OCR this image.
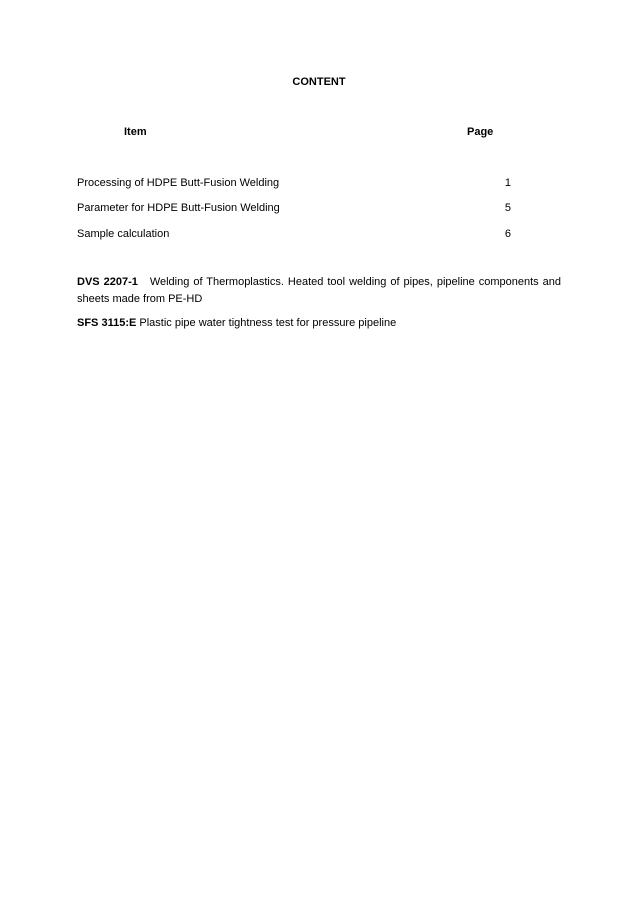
CONTENT
Item	Page
Processing of HDPE Butt-Fusion Welding	1
Parameter for HDPE Butt-Fusion Welding	5
Sample calculation	6
DVS 2207-1 Welding of Thermoplastics. Heated tool welding of pipes, pipeline components and sheets made from PE-HD
SFS 3115:E Plastic pipe water tightness test for pressure pipeline
